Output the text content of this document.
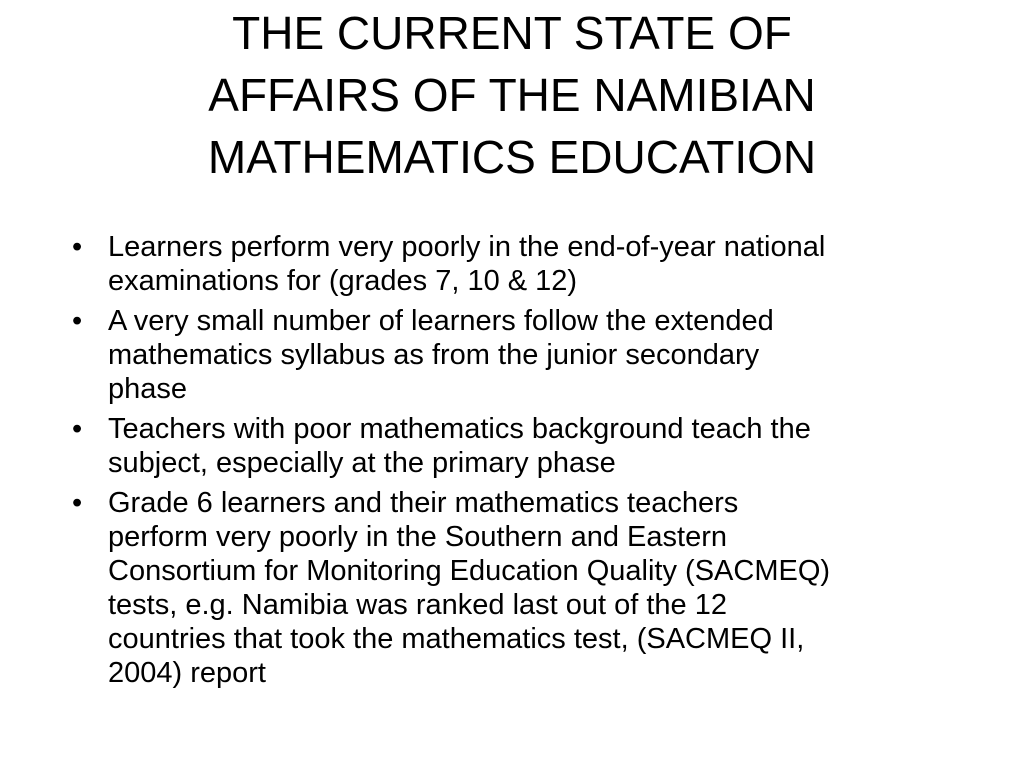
THE CURRENT STATE OF
AFFAIRS OF THE NAMIBIAN
MATHEMATICS EDUCATION
• Learners perform very poorly in the end-of-year national
examinations for (grades 7, 10 & 12)
• A very small number of learners follow the extended
mathematics syllabus as from the junior secondary
phase
• Teachers with poor mathematics background teach the
subject, especially at the primary phase
• Grade 6 learners and their mathematics teachers
perform very poorly in the Southern and Eastern
Consortium for Monitoring Education Quality (SACMEQ)
tests, e.g. Namibia was ranked last out of the 12
countries that took the mathematics test, (SACMEQ II,
2004) report
